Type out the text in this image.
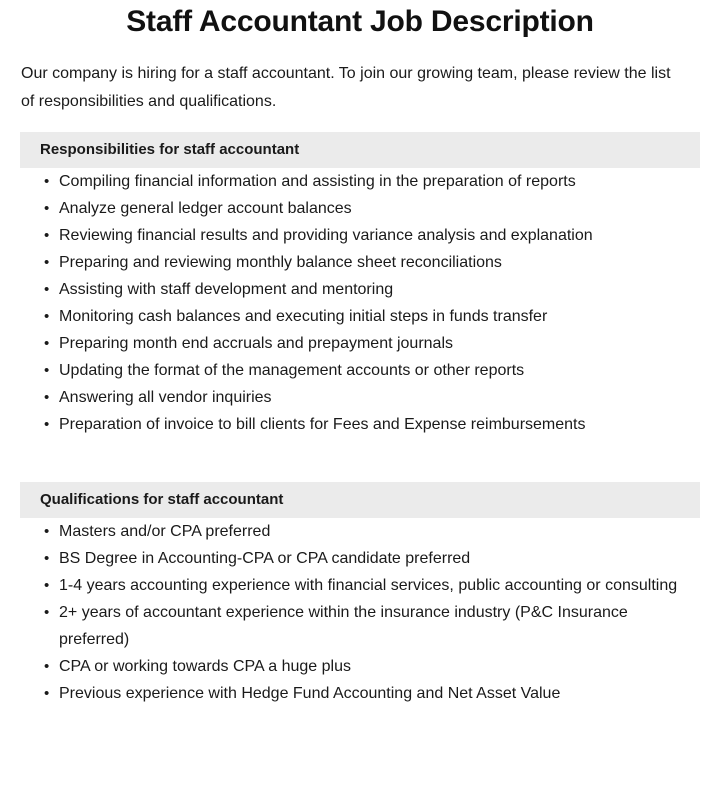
Staff Accountant Job Description

Our company is hiring for a staff accountant. To join our growing team, please review the list of responsibilities and qualifications.

Responsibilities for staff accountant
• Compiling financial information and assisting in the preparation of reports
• Analyze general ledger account balances
• Reviewing financial results and providing variance analysis and explanation
• Preparing and reviewing monthly balance sheet reconciliations
• Assisting with staff development and mentoring
• Monitoring cash balances and executing initial steps in funds transfer
• Preparing month end accruals and prepayment journals
• Updating the format of the management accounts or other reports
• Answering all vendor inquiries
• Preparation of invoice to bill clients for Fees and Expense reimbursements
Qualifications for staff accountant
• Masters and/or CPA preferred
• BS Degree in Accounting-CPA or CPA candidate preferred
• 1-4 years accounting experience with financial services, public accounting or consulting
• 2+ years of accountant experience within the insurance industry (P&C Insurance preferred)
• CPA or working towards CPA a huge plus
• Previous experience with Hedge Fund Accounting and Net Asset Value
